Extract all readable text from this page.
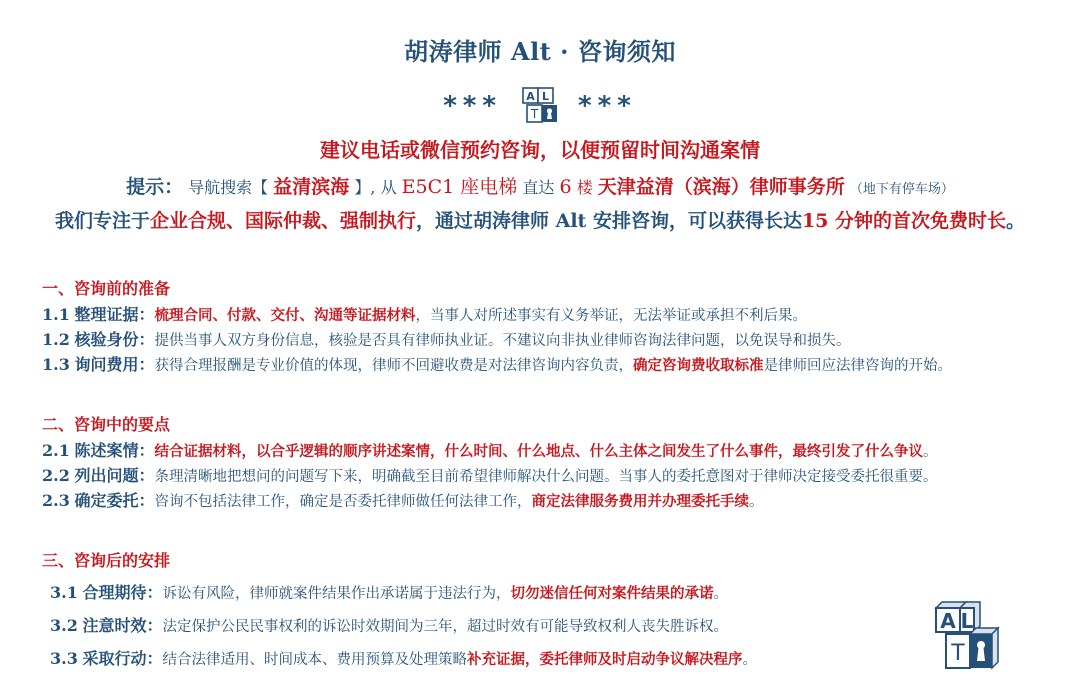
胡涛律师 Alt · 咨询须知
*** A L
T ***
建议电话或微信预约咨询，以便预留时间沟通案情
提示： 导航搜索【 益清滨海 】, 从 E5C1 座电梯 直达 6 楼 天津益清（滨海）律师事务所 （地下有停车场）
我们专注于企业合规、国际仲裁、强制执行，通过胡涛律师 Alt 安排咨询，可以获得长达15 分钟的首次免费时长。
一、咨询前的准备
1.1 整理证据：梳理合同、付款、交付、沟通等证据材料，当事人对所述事实有义务举证，无法举证或承担不利后果。
1.2 核验身份：提供当事人双方身份信息，核验是否具有律师执业证。不建议向非执业律师咨询法律问题，以免误导和损失。
1.3 询问费用：获得合理报酬是专业价值的体现，律师不回避收费是对法律咨询内容负责，确定咨询费收取标准是律师回应法律咨询的开始。
二、咨询中的要点
2.1 陈述案情：结合证据材料，以合乎逻辑的顺序讲述案情，什么时间、什么地点、什么主体之间发生了什么事件，最终引发了什么争议。
2.2 列出问题：条理清晰地把想问的问题写下来，明确截至目前希望律师解决什么问题。当事人的委托意图对于律师决定接受委托很重要。
2.3 确定委托：咨询不包括法律工作，确定是否委托律师做任何法律工作，商定法律服务费用并办理委托手续。
三、咨询后的安排
3.1 合理期待：诉讼有风险，律师就案件结果作出承诺属于违法行为，切勿迷信任何对案件结果的承诺。
3.2 注意时效：法定保护公民民事权利的诉讼时效期间为三年，超过时效有可能导致权利人丧失胜诉权。
3.3 采取行动：结合法律适用、时间成本、费用预算及处理策略补充证据，委托律师及时启动争议解决程序。
A L
T
